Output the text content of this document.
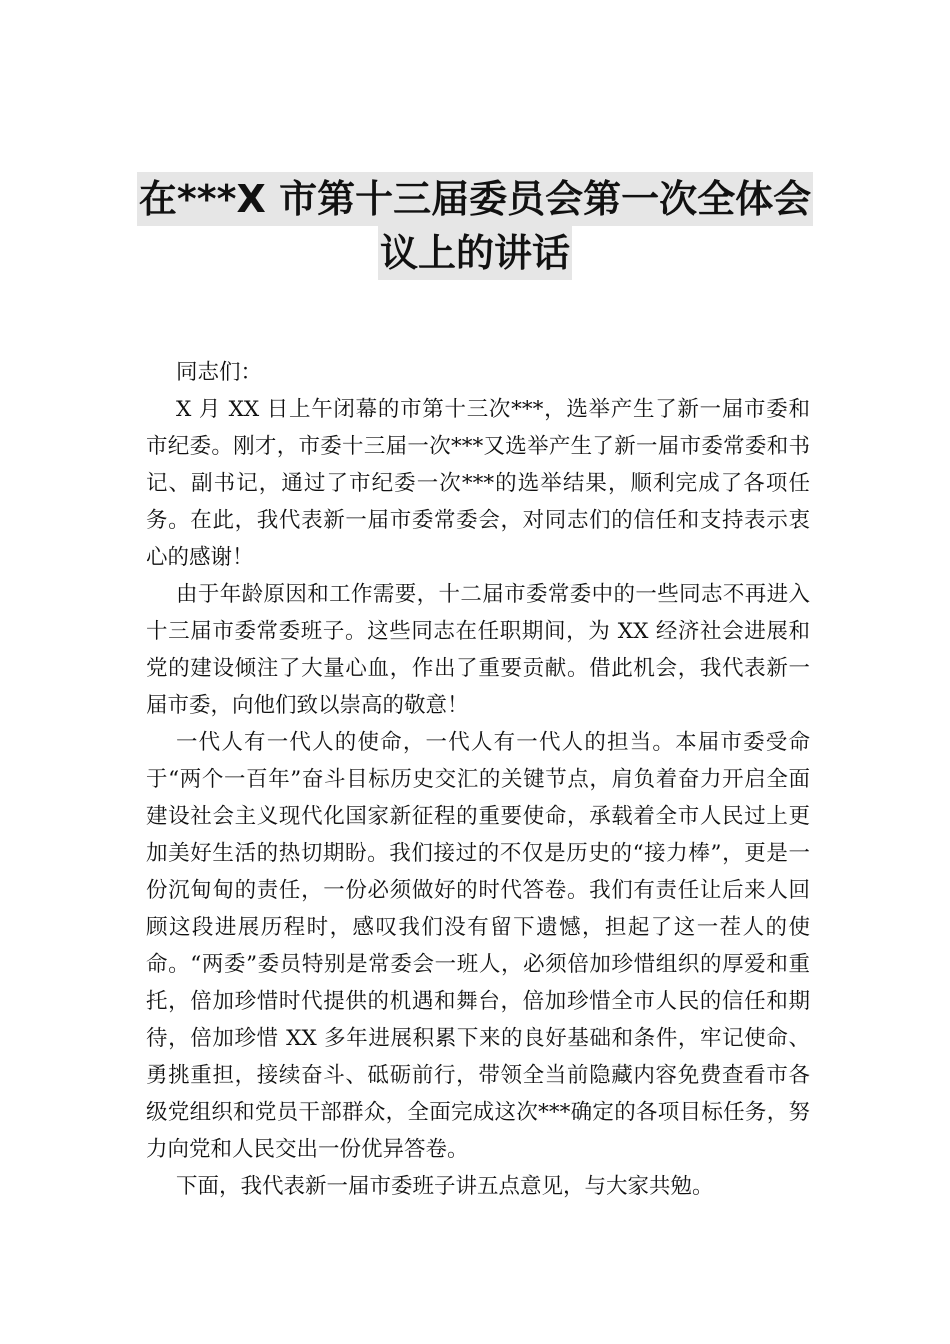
在***X 市第十三届委员会第一次全体会
议上的讲话

同志们：

X 月 XX 日上午闭幕的市第十三次***，选举产生了新一届市委和市纪委。刚才，市委十三届一次***又选举产生了新一届市委常委和书记、副书记，通过了市纪委一次***的选举结果，顺利完成了各项任务。在此，我代表新一届市委常委会，对同志们的信任和支持表示衷心的感谢！

由于年龄原因和工作需要，十二届市委常委中的一些同志不再进入十三届市委常委班子。这些同志在任职期间，为 XX 经济社会进展和党的建设倾注了大量心血，作出了重要贡献。借此机会，我代表新一届市委，向他们致以崇高的敬意！

一代人有一代人的使命，一代人有一代人的担当。本届市委受命于“两个一百年”奋斗目标历史交汇的关键节点，肩负着奋力开启全面建设社会主义现代化国家新征程的重要使命，承载着全市人民过上更加美好生活的热切期盼。我们接过的不仅是历史的“接力棒”，更是一份沉甸甸的责任，一份必须做好的时代答卷。我们有责任让后来人回顾这段进展历程时，感叹我们没有留下遗憾，担起了这一茬人的使命。“两委”委员特别是常委会一班人，必须倍加珍惜组织的厚爱和重托，倍加珍惜时代提供的机遇和舞台，倍加珍惜全市人民的信任和期待，倍加珍惜 XX 多年进展积累下来的良好基础和条件，牢记使命、勇挑重担，接续奋斗、砥砺前行，带领全当前隐藏内容免费查看市各级党组织和党员干部群众，全面完成这次***确定的各项目标任务，努力向党和人民交出一份优异答卷。

下面，我代表新一届市委班子讲五点意见，与大家共勉。
